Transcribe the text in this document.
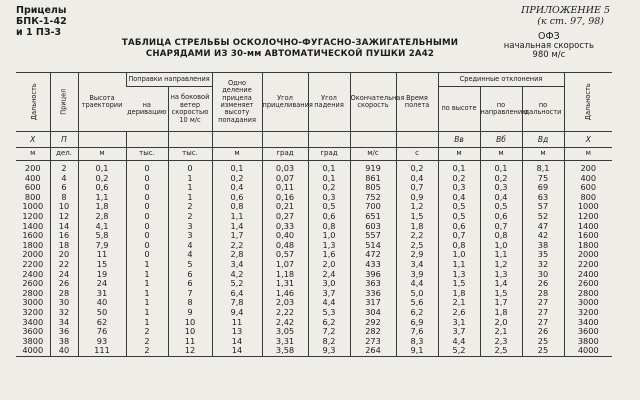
Прицелы
БПК-1-42
и 1 ПЗ-3
ПРИЛОЖЕНИЕ 5
(к ст. 97, 98)
ОФЗ
начальная скорость
980 м/с
ТАБЛИЦА СТРЕЛЬБЫ ОСКОЛОЧНО-ФУГАСНО-ЗАЖИГАТЕЛЬНЫМИ
СНАРЯДАМИ ИЗ 30-мм АВТОМАТИЧЕСКОЙ ПУШКИ 2А42
Дальность	Прицел	Высота траектории	Поправки направления		Одно деление прицела изменяет высоту попадания	Угол прицеливания	Угол падения	Окончательная скорость	Время полета	Срединные отклонения			Дальность
			на деривацию	на боковой ветер скоростью 10 м/с						по высоте	по направлению	по дальности	
X	П									Вв	Вб	Вд	X
м	дел.	м	тыс.	тыс.	м	град	град	м/с	с	м	м	м	м
200	2	0,1	0	0	0,1	0,03	0,1	919	0,2	0,1	0,1	8,1	200
400	4	0,2	0	1	0,2	0,07	0,1	861	0,4	0,2	0,2	75	400
600	6	0,6	0	1	0,4	0,11	0,2	805	0,7	0,3	0,3	69	600
800	8	1,1	0	1	0,6	0,16	0,3	752	0,9	0,4	0,4	63	800
1000	10	1,8	0	2	0,8	0,21	0,5	700	1,2	0,5	0,5	57	1000
1200	12	2,8	0	2	1,1	0,27	0,6	651	1,5	0,5	0,6	52	1200
1400	14	4,1	0	3	1,4	0,33	0,8	603	1,8	0,6	0,7	47	1400
1600	16	5,8	0	3	1,7	0,40	1,0	557	2,2	0,7	0,8	42	1600
1800	18	7,9	0	4	2,2	0,48	1,3	514	2,5	0,8	1,0	38	1800
2000	20	11	0	4	2,8	0,57	1,6	472	2,9	1,0	1,1	35	2000
2200	22	15	1	5	3,4	1,07	2,0	433	3,4	1,1	1,2	32	2200
2400	24	19	1	6	4,2	1,18	2,4	396	3,9	1,3	1,3	30	2400
2600	26	24	1	6	5,2	1,31	3,0	363	4,4	1,5	1,4	26	2600
2800	28	31	1	7	6,4	1,46	3,7	336	5,0	1,8	1,5	28	2800
3000	30	40	1	8	7,8	2,03	4,4	317	5,6	2,1	1,7	27	3000
3200	32	50	1	9	9,4	2,22	5,3	304	6,2	2,6	1,8	27	3200
3400	34	62	1	10	11	2,42	6,2	292	6,9	3,1	2,0	27	3400
3600	36	76	2	10	13	3,05	7,2	282	7,6	3,7	2,1	26	3600
3800	38	93	2	11	14	3,31	8,2	273	8,3	4,4	2,3	25	3800
4000	40	111	2	12	14	3,58	9,3	264	9,1	5,2	2,5	25	4000
